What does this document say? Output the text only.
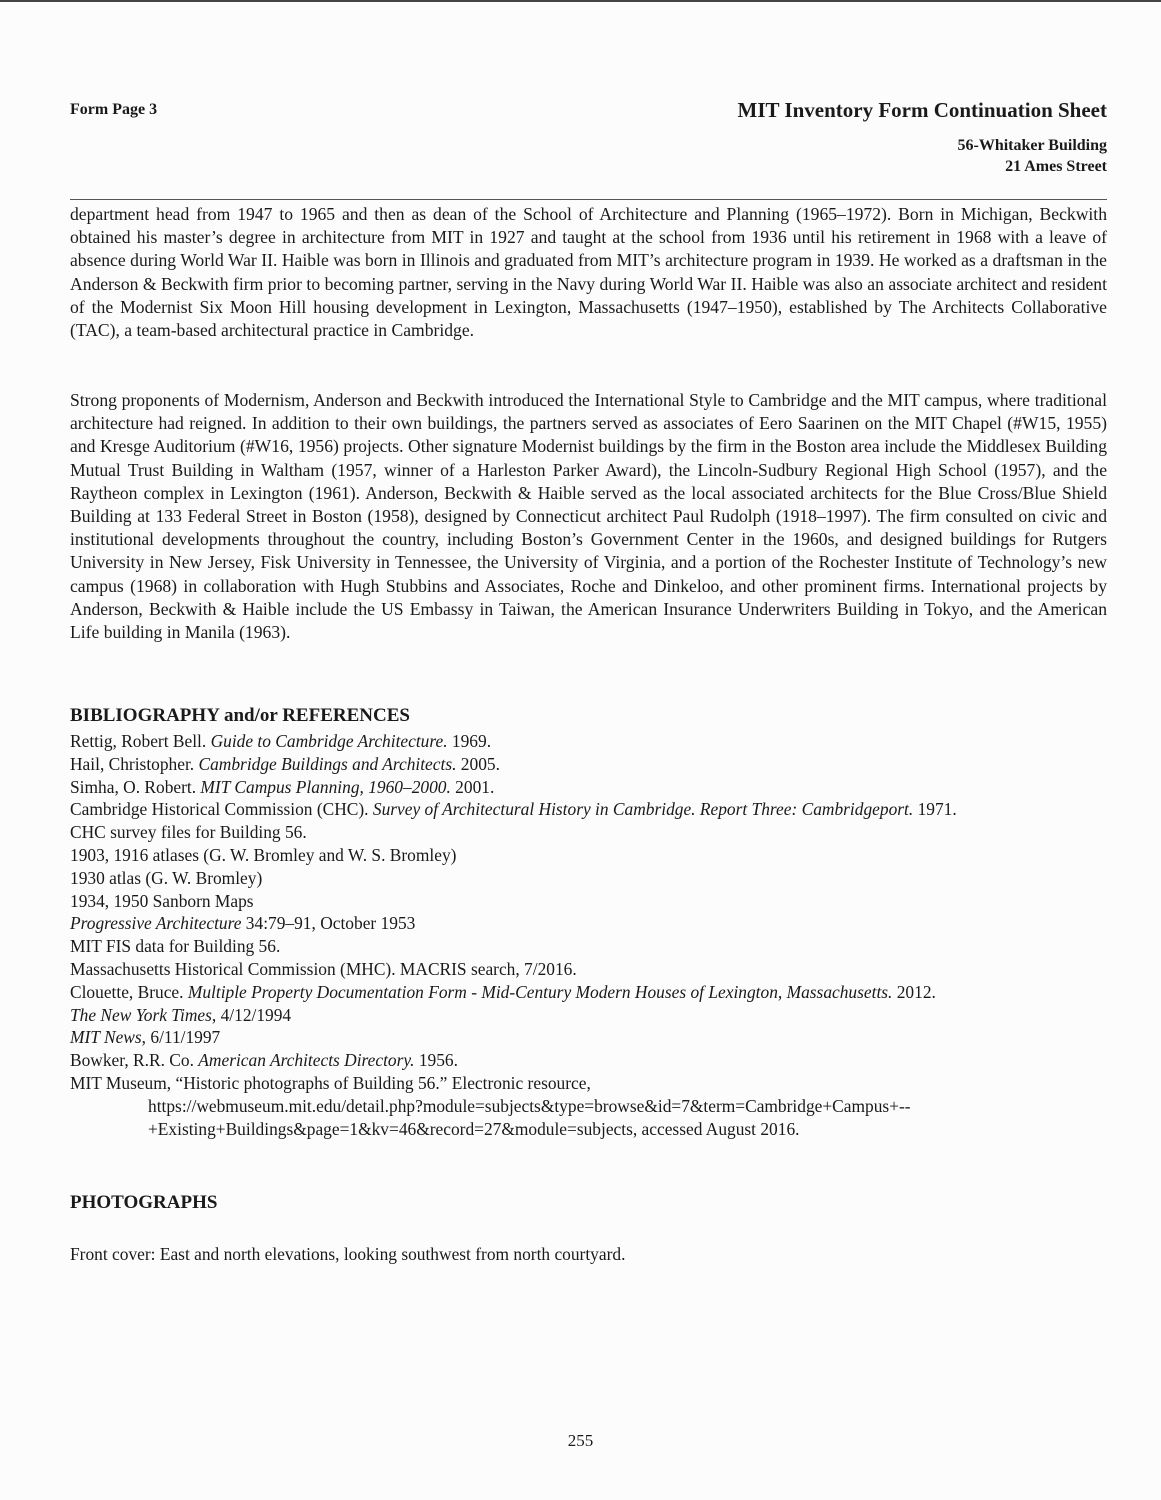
Form Page 3	MIT Inventory Form Continuation Sheet
56-Whitaker Building
21 Ames Street

department head from 1947 to 1965 and then as dean of the School of Architecture and Planning (1965–1972). Born in Michigan, Beckwith obtained his master’s degree in architecture from MIT in 1927 and taught at the school from 1936 until his retirement in 1968 with a leave of absence during World War II. Haible was born in Illinois and graduated from MIT’s architecture program in 1939. He worked as a draftsman in the Anderson & Beckwith firm prior to becoming partner, serving in the Navy during World War II. Haible was also an associate architect and resident of the Modernist Six Moon Hill housing development in Lexington, Massachusetts (1947–1950), established by The Architects Collaborative (TAC), a team-based architectural practice in Cambridge.

Strong proponents of Modernism, Anderson and Beckwith introduced the International Style to Cambridge and the MIT campus, where traditional architecture had reigned. In addition to their own buildings, the partners served as associates of Eero Saarinen on the MIT Chapel (#W15, 1955) and Kresge Auditorium (#W16, 1956) projects. Other signature Modernist buildings by the firm in the Boston area include the Middlesex Building Mutual Trust Building in Waltham (1957, winner of a Harleston Parker Award), the Lincoln-Sudbury Regional High School (1957), and the Raytheon complex in Lexington (1961). Anderson, Beckwith & Haible served as the local associated architects for the Blue Cross/Blue Shield Building at 133 Federal Street in Boston (1958), designed by Connecticut architect Paul Rudolph (1918–1997). The firm consulted on civic and institutional developments throughout the country, including Boston’s Government Center in the 1960s, and designed buildings for Rutgers University in New Jersey, Fisk University in Tennessee, the University of Virginia, and a portion of the Rochester Institute of Technology’s new campus (1968) in collaboration with Hugh Stubbins and Associates, Roche and Dinkeloo, and other prominent firms. International projects by Anderson, Beckwith & Haible include the US Embassy in Taiwan, the American Insurance Underwriters Building in Tokyo, and the American Life building in Manila (1963).

BIBLIOGRAPHY and/or REFERENCES
Rettig, Robert Bell. Guide to Cambridge Architecture. 1969.
Hail, Christopher. Cambridge Buildings and Architects. 2005.
Simha, O. Robert. MIT Campus Planning, 1960–2000. 2001.
Cambridge Historical Commission (CHC). Survey of Architectural History in Cambridge. Report Three: Cambridgeport. 1971.
CHC survey files for Building 56.
1903, 1916 atlases (G. W. Bromley and W. S. Bromley)
1930 atlas (G. W. Bromley)
1934, 1950 Sanborn Maps
Progressive Architecture 34:79–91, October 1953
MIT FIS data for Building 56.
Massachusetts Historical Commission (MHC). MACRIS search, 7/2016.
Clouette, Bruce. Multiple Property Documentation Form - Mid-Century Modern Houses of Lexington, Massachusetts. 2012.
The New York Times, 4/12/1994
MIT News, 6/11/1997
Bowker, R.R. Co. American Architects Directory. 1956.
MIT Museum, “Historic photographs of Building 56.” Electronic resource,
https://webmuseum.mit.edu/detail.php?module=subjects&type=browse&id=7&term=Cambridge+Campus+--
+Existing+Buildings&page=1&kv=46&record=27&module=subjects, accessed August 2016.
PHOTOGRAPHS

Front cover: East and north elevations, looking southwest from north courtyard.

255
